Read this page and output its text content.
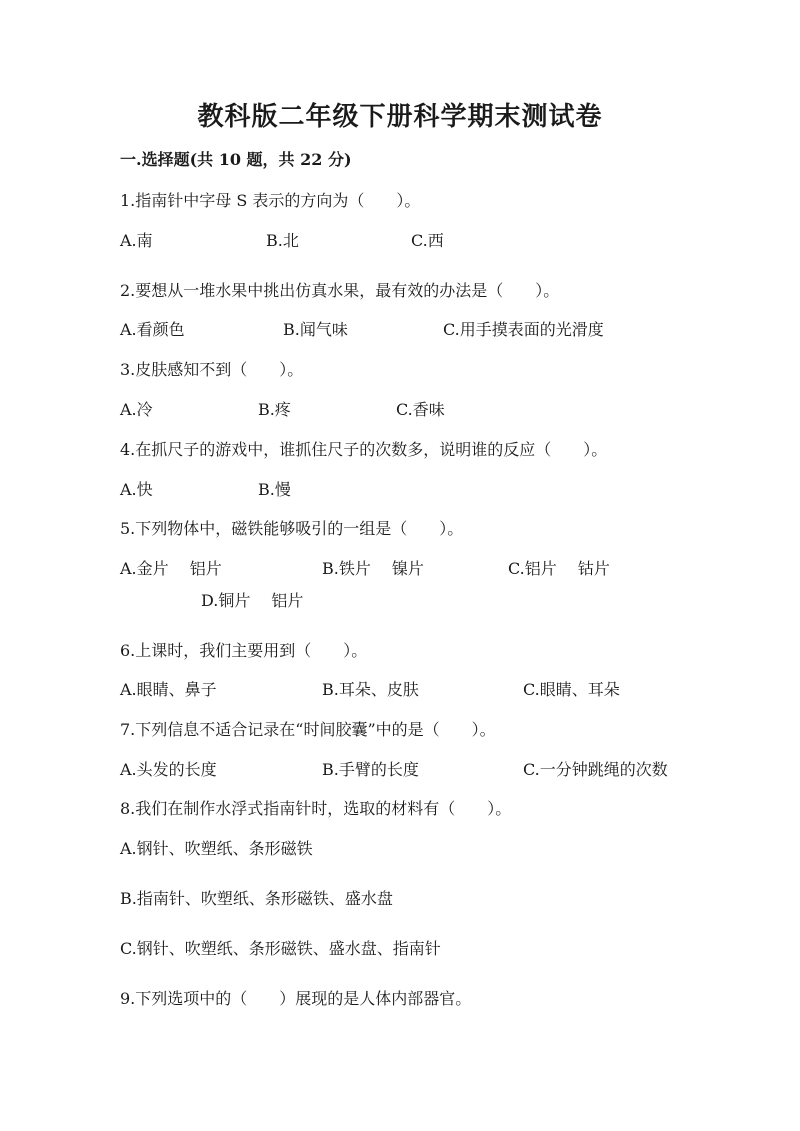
教科版二年级下册科学期末测试卷
一.选择题(共 10 题，共 22 分)
1.指南针中字母 S 表示的方向为（　　）。
A.南	B.北	C.西
2.要想从一堆水果中挑出仿真水果，最有效的办法是（　　）。
A.看颜色	B.闻气味	C.用手摸表面的光滑度
3.皮肤感知不到（　　）。
A.冷	B.疼	C.香味
4.在抓尺子的游戏中，谁抓住尺子的次数多，说明谁的反应（　　）。
A.快	B.慢
5.下列物体中，磁铁能够吸引的一组是（　　）。
A.金片　 铝片	B.铁片　 镍片	C.铝片　 钴片
D.铜片　 铝片
6.上课时，我们主要用到（　　）。
A.眼睛、鼻子	B.耳朵、皮肤	C.眼睛、耳朵
7.下列信息不适合记录在“时间胶囊”中的是（　　）。
A.头发的长度	B.手臂的长度	C.一分钟跳绳的次数
8.我们在制作水浮式指南针时，选取的材料有（　　）。
A.钢针、吹塑纸、条形磁铁
B.指南针、吹塑纸、条形磁铁、盛水盘
C.钢针、吹塑纸、条形磁铁、盛水盘、指南针
9.下列选项中的（　　）展现的是人体内部器官。
